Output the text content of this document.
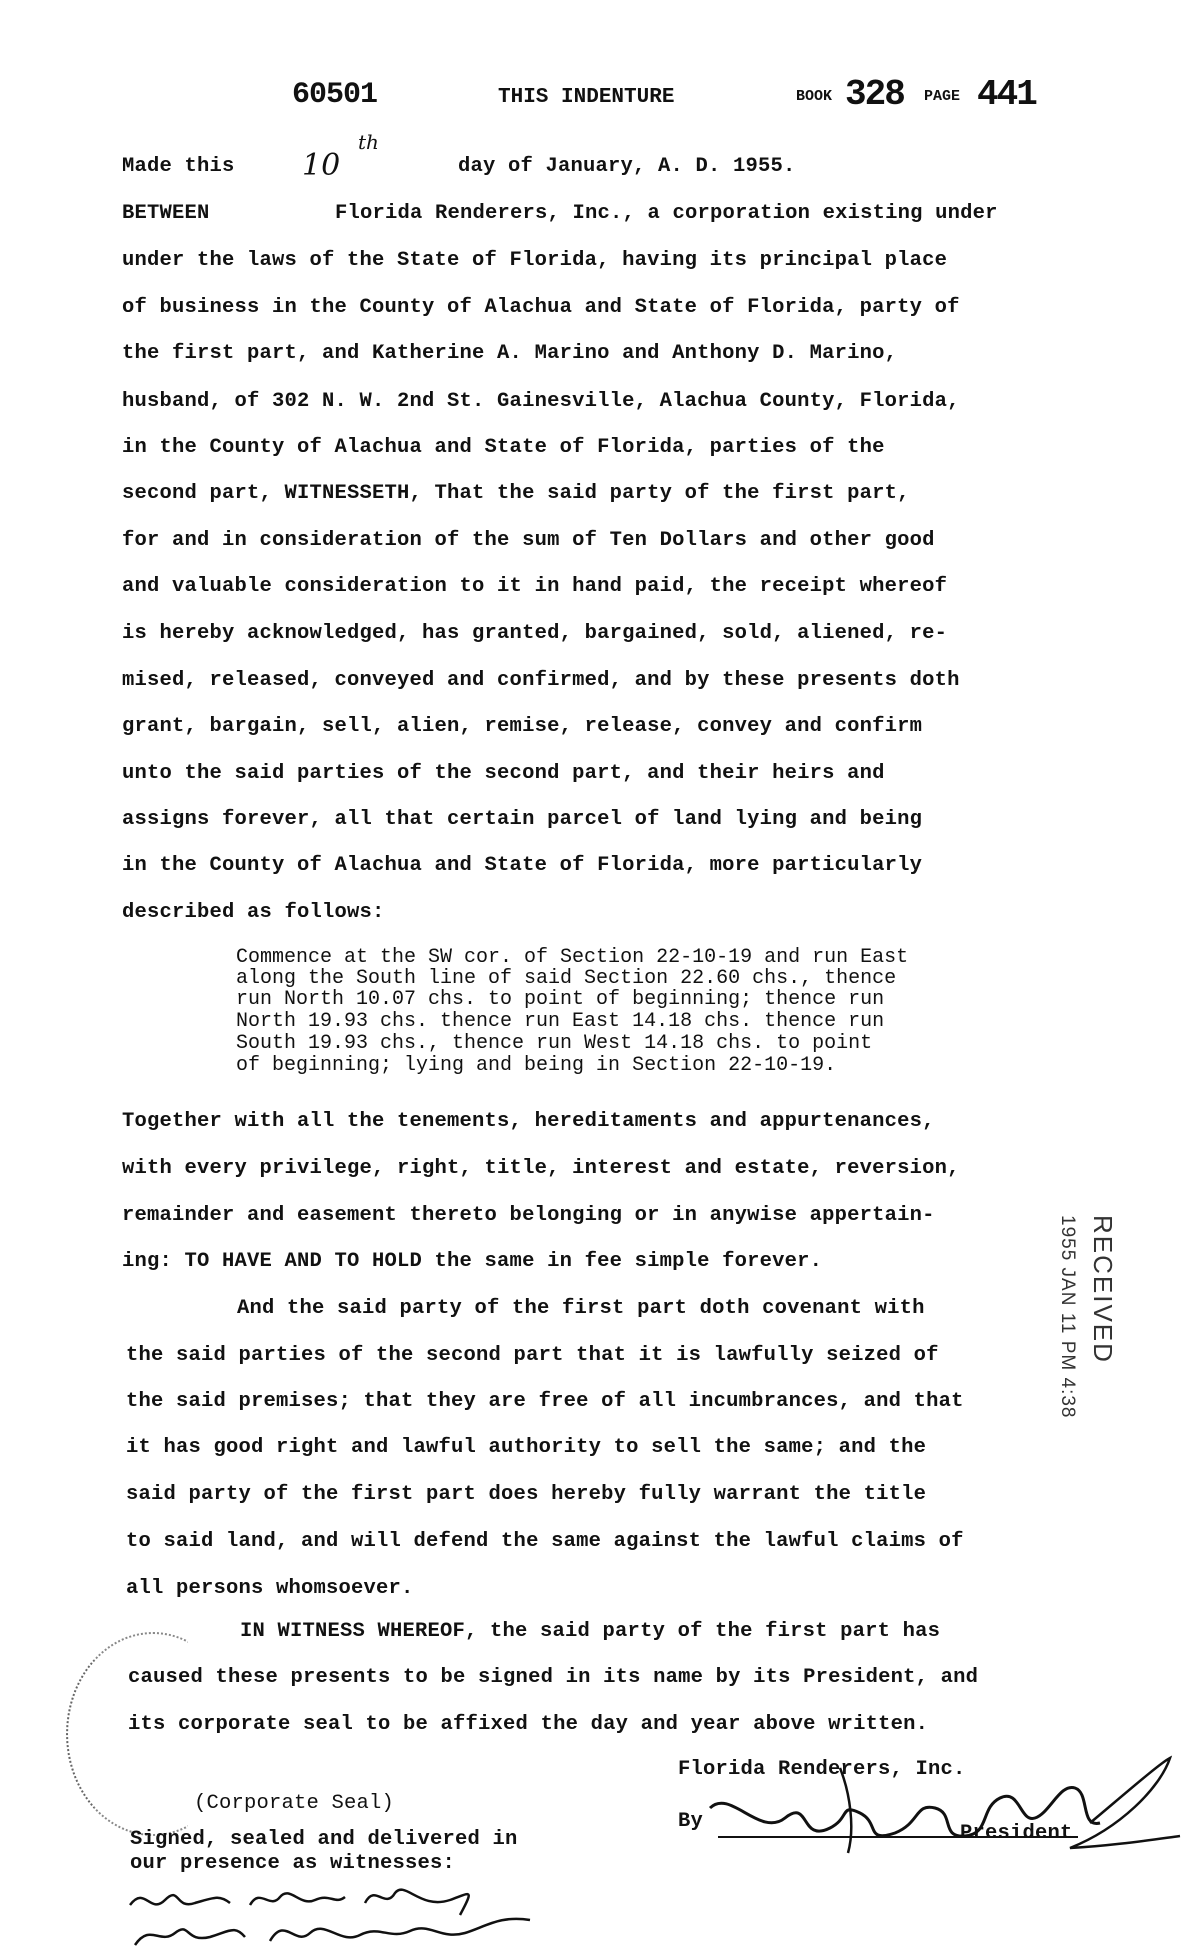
60501	THIS INDENTURE	BOOK 328 PAGE 441
Made this 10
th
day of January, A. D. 1955.
BETWEEN	Florida Renderers, Inc., a corporation existing under
under the laws of the State of Florida, having its principal place
of business in the County of Alachua and State of Florida, party of
the first part, and Katherine A. Marino and Anthony D. Marino,
husband, of 302 N. W. 2nd St. Gainesville, Alachua County, Florida,
in the County of Alachua and State of Florida, parties of the
second part, WITNESSETH, That the said party of the first part,
for and in consideration of the sum of Ten Dollars and other good
and valuable consideration to it in hand paid, the receipt whereof
is hereby acknowledged, has granted, bargained, sold, aliened, re-
mised, released, conveyed and confirmed, and by these presents doth
grant, bargain, sell, alien, remise, release, convey and confirm
unto the said parties of the second part, and their heirs and
assigns forever, all that certain parcel of land lying and being
in the County of Alachua and State of Florida, more particularly
described as follows:
Commence at the SW cor. of Section 22-10-19 and run East
along the South line of said Section 22.60 chs., thence
run North 10.07 chs. to point of beginning; thence run
North 19.93 chs. thence run East 14.18 chs. thence run
South 19.93 chs., thence run West 14.18 chs. to point
of beginning; lying and being in Section 22-10-19.
Together with all the tenements, hereditaments and appurtenances,
with every privilege, right, title, interest and estate, reversion,
remainder and easement thereto belonging or in anywise appertain-
ing: TO HAVE AND TO HOLD the same in fee simple forever.
And the said party of the first part doth covenant with
the said parties of the second part that it is lawfully seized of
the said premises; that they are free of all incumbrances, and that
it has good right and lawful authority to sell the same; and the
said party of the first part does hereby fully warrant the title
to said land, and will defend the same against the lawful claims of
all persons whomsoever.
IN WITNESS WHEREOF, the said party of the first part has
caused these presents to be signed in its name by its President, and
its corporate seal to be affixed the day and year above written.
Florida Renderers, Inc.
By
President
(Corporate Seal)
Signed, sealed and delivered in
our presence as witnesses:
RECEIVED
1955 JAN 11 PM 4:38
